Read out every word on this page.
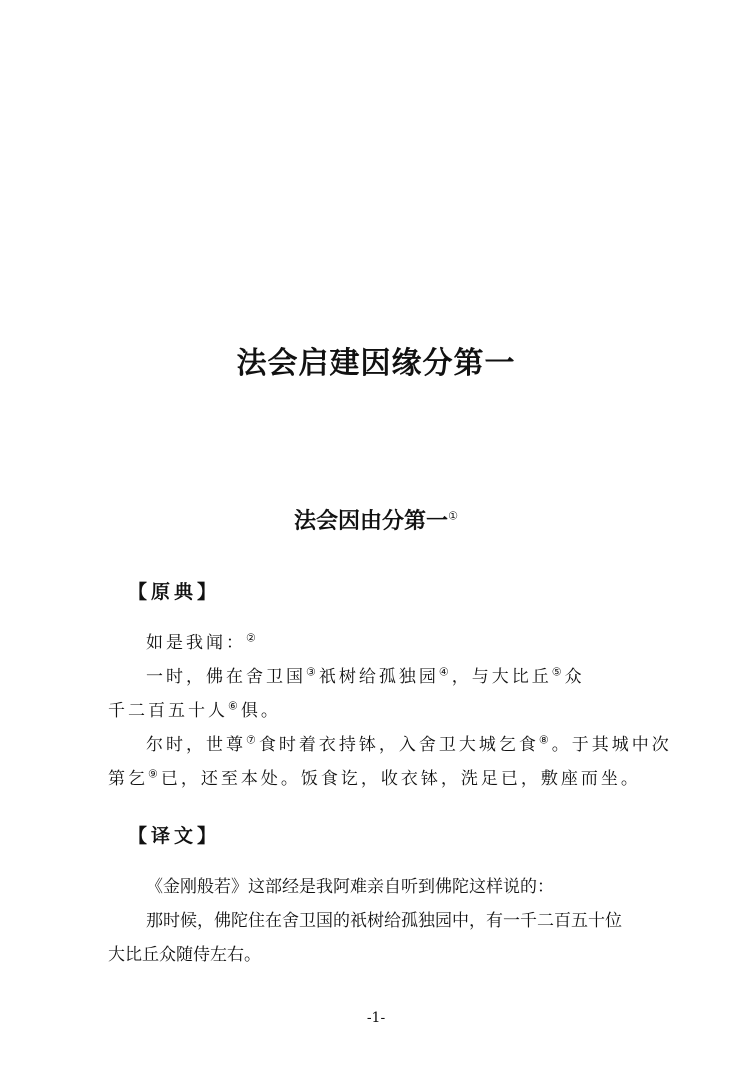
法会启建因缘分第一
法会因由分第一①
【原典】
如是我闻：②
一时，佛在舍卫国③祇树给孤独园④，与大比丘⑤众
千二百五十人⑥俱。
尔时，世尊⑦食时着衣持钵，入舍卫大城乞食⑧。于其城中次
第乞⑨已，还至本处。饭食讫，收衣钵，洗足已，敷座而坐。
【译文】
《金刚般若》这部经是我阿难亲自听到佛陀这样说的：
那时候，佛陀住在舍卫国的祇树给孤独园中，有一千二百五十位
大比丘众随侍左右。
-1-
